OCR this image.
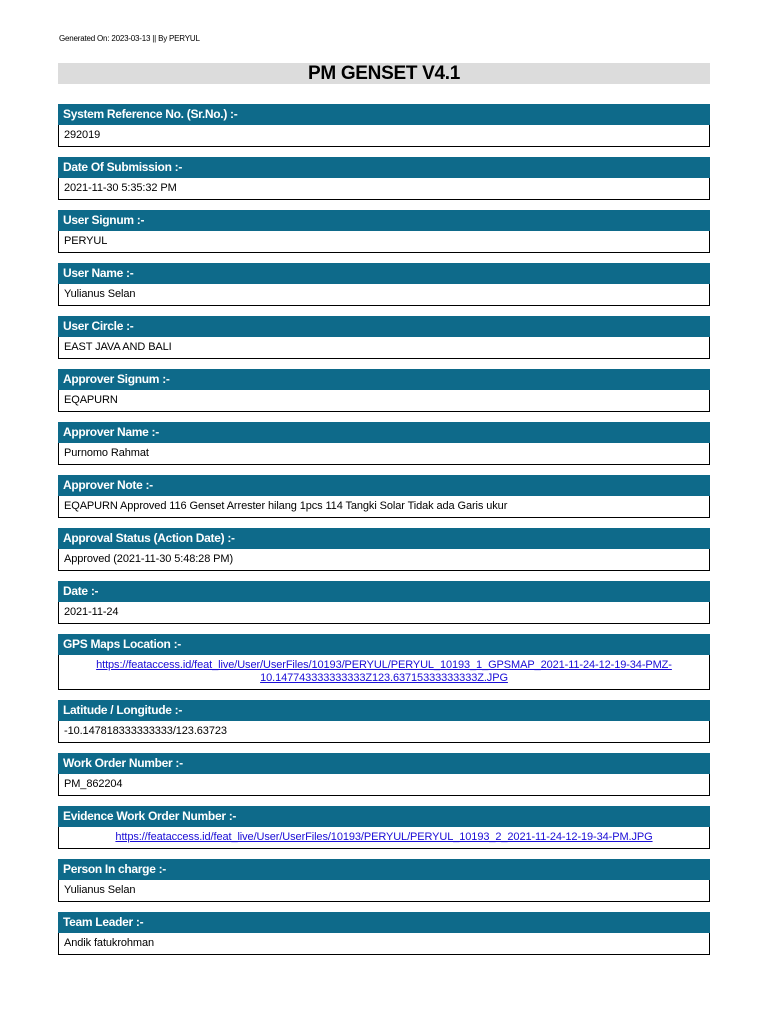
Generated On: 2023-03-13 || By PERYUL
PM GENSET V4.1
System Reference No. (Sr.No.) :-
292019
Date Of Submission :-
2021-11-30 5:35:32 PM
User Signum :-
PERYUL
User Name :-
Yulianus Selan
User Circle :-
EAST JAVA AND BALI
Approver Signum :-
EQAPURN
Approver Name :-
Purnomo Rahmat
Approver Note :-
EQAPURN Approved 116 Genset Arrester hilang 1pcs 114 Tangki Solar Tidak ada Garis ukur
Approval Status (Action Date) :-
Approved (2021-11-30 5:48:28 PM)
Date :-
2021-11-24
GPS Maps Location :-
https://feataccess.id/feat_live/User/UserFiles/10193/PERYUL/PERYUL_10193_1_GPSMAP_2021-11-24-12-19-34-PMZ-10.147743333333333Z123.63715333333333Z.JPG
Latitude / Longitude :-
-10.147818333333333/123.63723
Work Order Number :-
PM_862204
Evidence Work Order Number :-
https://feataccess.id/feat_live/User/UserFiles/10193/PERYUL/PERYUL_10193_2_2021-11-24-12-19-34-PM.JPG
Person In charge :-
Yulianus Selan
Team Leader :-
Andik fatukrohman
